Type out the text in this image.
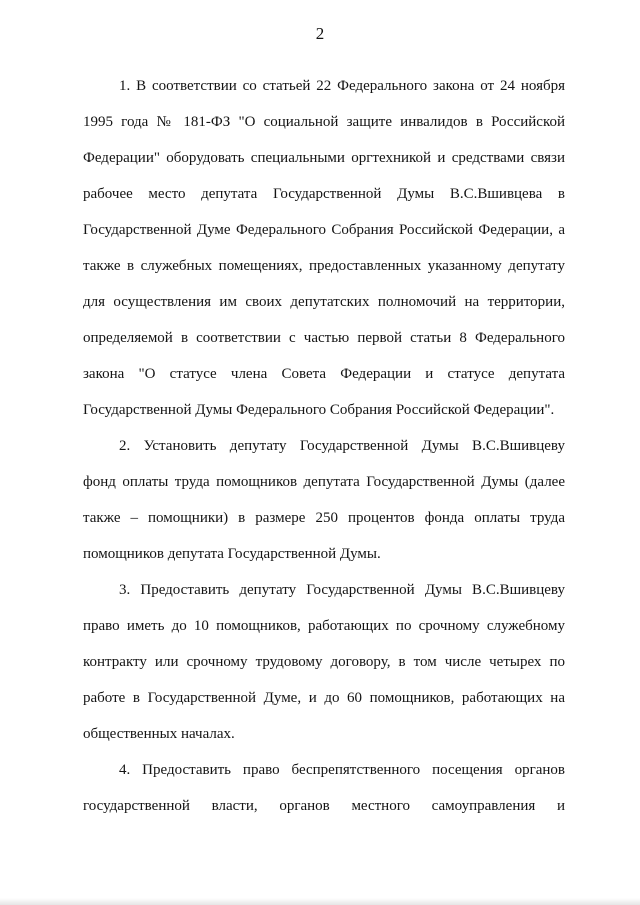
2
1. В соответствии со статьей 22 Федерального закона от 24 ноября
1995 года № 181-ФЗ "О социальной защите инвалидов в Российской
Федерации" оборудовать специальными оргтехникой и средствами связи
рабочее место депутата Государственной Думы В.С.Вшивцева в
Государственной Думе Федерального Собрания Российской Федерации, а
также в служебных помещениях, предоставленных указанному депутату
для осуществления им своих депутатских полномочий на территории,
определяемой в соответствии с частью первой статьи 8 Федерального
закона "О статусе члена Совета Федерации и статусе депутата
Государственной Думы Федерального Собрания Российской Федерации".
2. Установить депутату Государственной Думы В.С.Вшивцеву
фонд оплаты труда помощников депутата Государственной Думы (далее
также – помощники) в размере 250 процентов фонда оплаты труда
помощников депутата Государственной Думы.
3. Предоставить депутату Государственной Думы В.С.Вшивцеву
право иметь до 10 помощников, работающих по срочному служебному
контракту или срочному трудовому договору, в том числе четырех по
работе в Государственной Думе, и до 60 помощников, работающих на
общественных началах.
4. Предоставить право беспрепятственного посещения органов
государственной власти, органов местного самоуправления и
